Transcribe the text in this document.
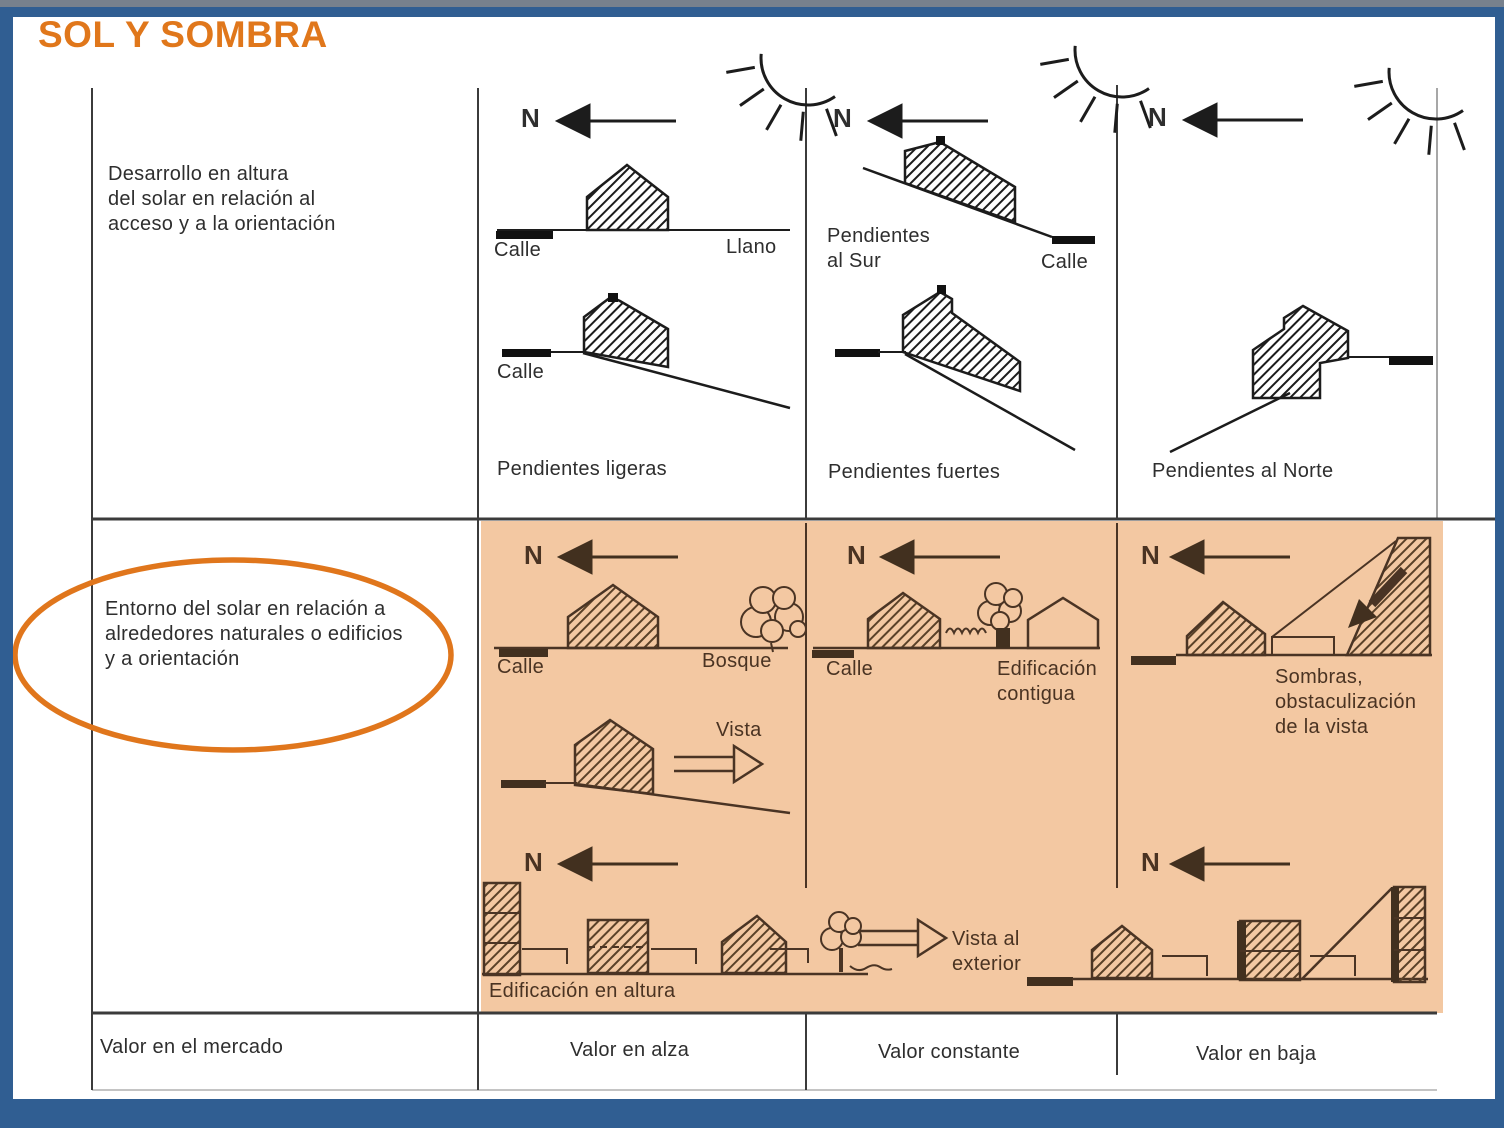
SOL Y SOMBRA
Desarrollo en altura
del solar en relación al
acceso y a la orientación
N
Calle	Llano
Calle
Pendientes ligeras
N
Pendientes
al Sur	Calle
Pendientes fuertes
N
Pendientes al Norte
Entorno del solar en relación a
alrededores naturales o edificios
y a orientación
N
Calle	Bosque
Vista
N
Edificación en altura
N
Calle	Edificación
contigua
Vista al
exterior
N
Sombras,
obstaculización
de la vista
N
Valor en el mercado	Valor en alza	Valor constante	Valor en baja
